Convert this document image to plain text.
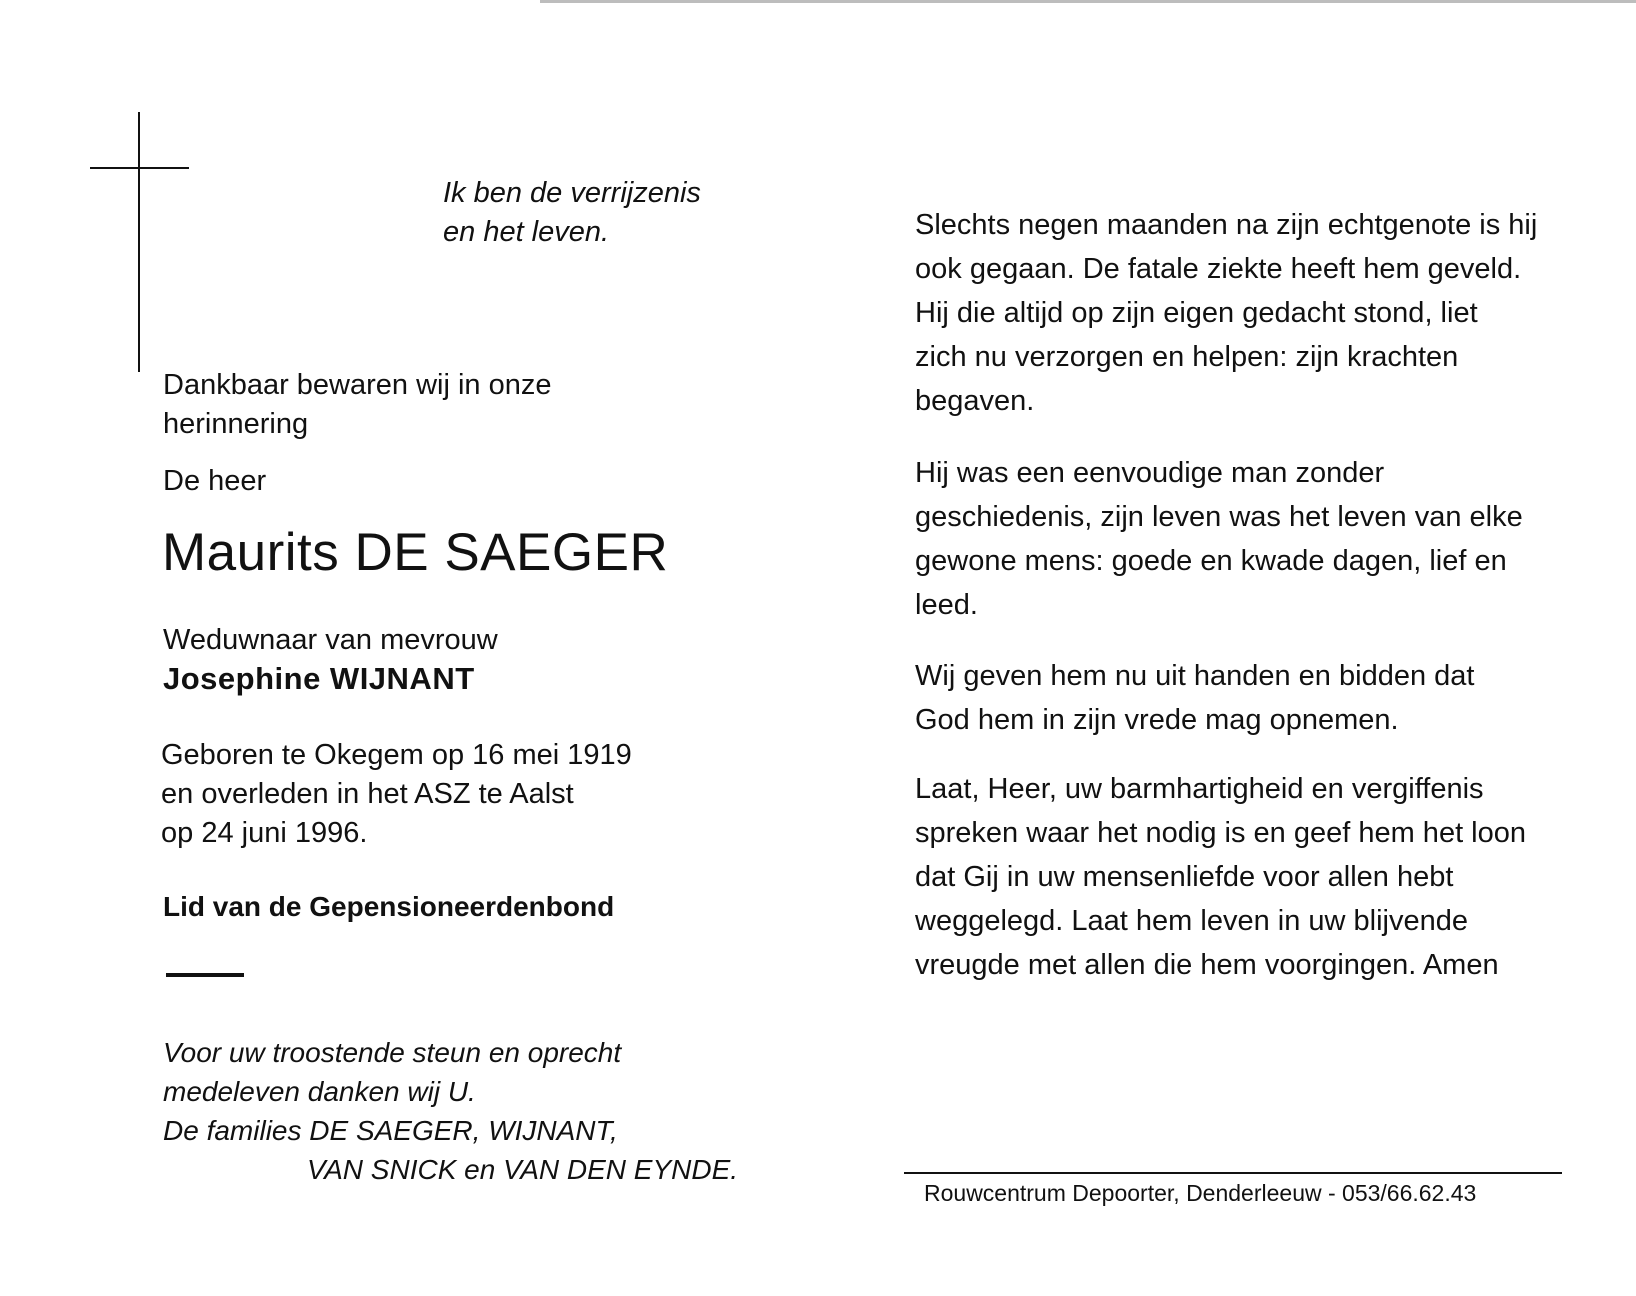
Ik ben de verrijzenis
en het leven.
Dankbaar bewaren wij in onze
herinnering
De heer
Maurits DE SAEGER
Weduwnaar van mevrouw
Josephine WIJNANT
Geboren te Okegem op 16 mei 1919
en overleden in het ASZ te Aalst
op 24 juni 1996.
Lid van de Gepensioneerdenbond
Voor uw troostende steun en oprecht
medeleven danken wij U.
De families DE SAEGER, WIJNANT,
VAN SNICK en VAN DEN EYNDE.
Slechts negen maanden na zijn echtgenote is hij
ook gegaan. De fatale ziekte heeft hem geveld.
Hij die altijd op zijn eigen gedacht stond, liet
zich nu verzorgen en helpen: zijn krachten
begaven.
Hij was een eenvoudige man zonder
geschiedenis, zijn leven was het leven van elke
gewone mens: goede en kwade dagen, lief en
leed.
Wij geven hem nu uit handen en bidden dat
God hem in zijn vrede mag opnemen.
Laat, Heer, uw barmhartigheid en vergiffenis
spreken waar het nodig is en geef hem het loon
dat Gij in uw mensenliefde voor allen hebt
weggelegd. Laat hem leven in uw blijvende
vreugde met allen die hem voorgingen. Amen
Rouwcentrum Depoorter, Denderleeuw - 053/66.62.43
